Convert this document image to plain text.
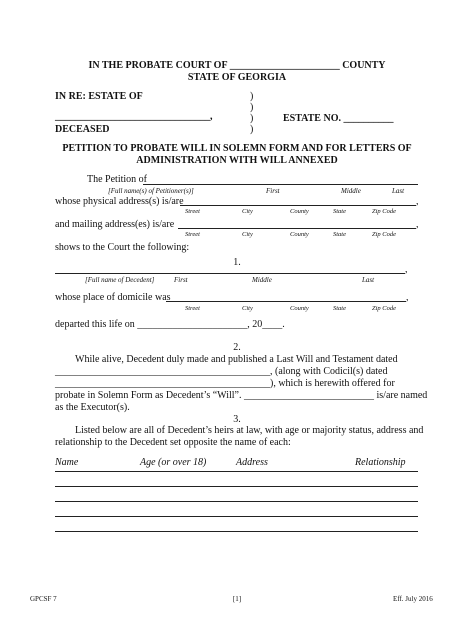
IN THE PROBATE COURT OF ______________________ COUNTY
STATE OF GEORGIA
IN RE: ESTATE OF	)
)
_______________________________,	)	ESTATE NO. __________
DECEASED	)
PETITION TO PROBATE WILL IN SOLEMN FORM AND FOR LETTERS OF
ADMINISTRATION WITH WILL ANNEXED
The Petition of
[Full name(s) of Petitioner(s)]	First	Middle	Last
whose physical address(s) is/are	,
Street	City	County	State	Zip Code
and mailing address(es) is/are	,
Street	City	County	State	Zip Code
shows to the Court the following:
1.
,
[Full name of Decedent]	First	Middle	Last
whose place of domicile was	,
Street	City	County	State	Zip Code
departed this life on ______________________, 20____.
2.
While alive, Decedent duly made and published a Last Will and Testament dated
___________________________________________, (along with Codicil(s) dated
___________________________________________), which is herewith offered for
probate in Solemn Form as Decedent’s “Will”. __________________________ is/are named
as the Executor(s).
3.
Listed below are all of Decedent’s heirs at law, with age or majority status, address and
relationship to the Decedent set opposite the name of each:
Name	Age (or over 18)	Address	Relationship
GPCSF 7	[1]	Eff. July 2016
